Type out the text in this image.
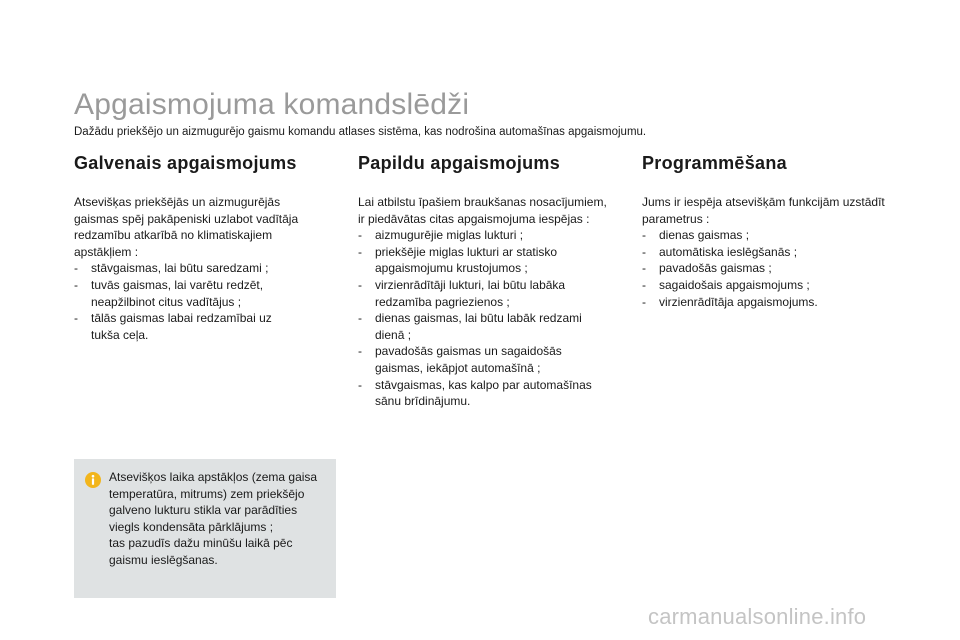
Apgaismojuma komandslēdži
Dažādu priekšējo un aizmugurējo gaismu komandu atlases sistēma, kas nodrošina automašīnas apgaismojumu.
Galvenais apgaismojums
Atsevišķas priekšējās un aizmugurējās
gaismas spēj pakāpeniski uzlabot vadītāja
redzamību atkarībā no klimatiskajiem
apstākļiem :
- stāvgaismas, lai būtu saredzami ;
- tuvās gaismas, lai varētu redzēt,
neapžilbinot citus vadītājus ;
- tālās gaismas labai redzamībai uz
tukša ceļa.
Papildu apgaismojums
Lai atbilstu īpašiem braukšanas nosacījumiem,
ir piedāvātas citas apgaismojuma iespējas :
- aizmugurējie miglas lukturi ;
- priekšējie miglas lukturi ar statisko
apgaismojumu krustojumos ;
- virzienrādītāji lukturi, lai būtu labāka
redzamība pagriezienos ;
- dienas gaismas, lai būtu labāk redzami
dienā ;
- pavadošās gaismas un sagaidošās
gaismas, iekāpjot automašīnā ;
- stāvgaismas, kas kalpo par automašīnas
sānu brīdinājumu.
Programmēšana
Jums ir iespēja atsevišķām funkcijām uzstādīt
parametrus :
- dienas gaismas ;
- automātiska ieslēgšanās ;
- pavadošās gaismas ;
- sagaidošais apgaismojums ;
- virzienrādītāja apgaismojums.
Atsevišķos laika apstākļos (zema gaisa
temperatūra, mitrums) zem priekšējo
galveno lukturu stikla var parādīties
viegls kondensāta pārklājums ;
tas pazudīs dažu minūšu laikā pēc
gaismu ieslēgšanas.
carmanualsonline.info
